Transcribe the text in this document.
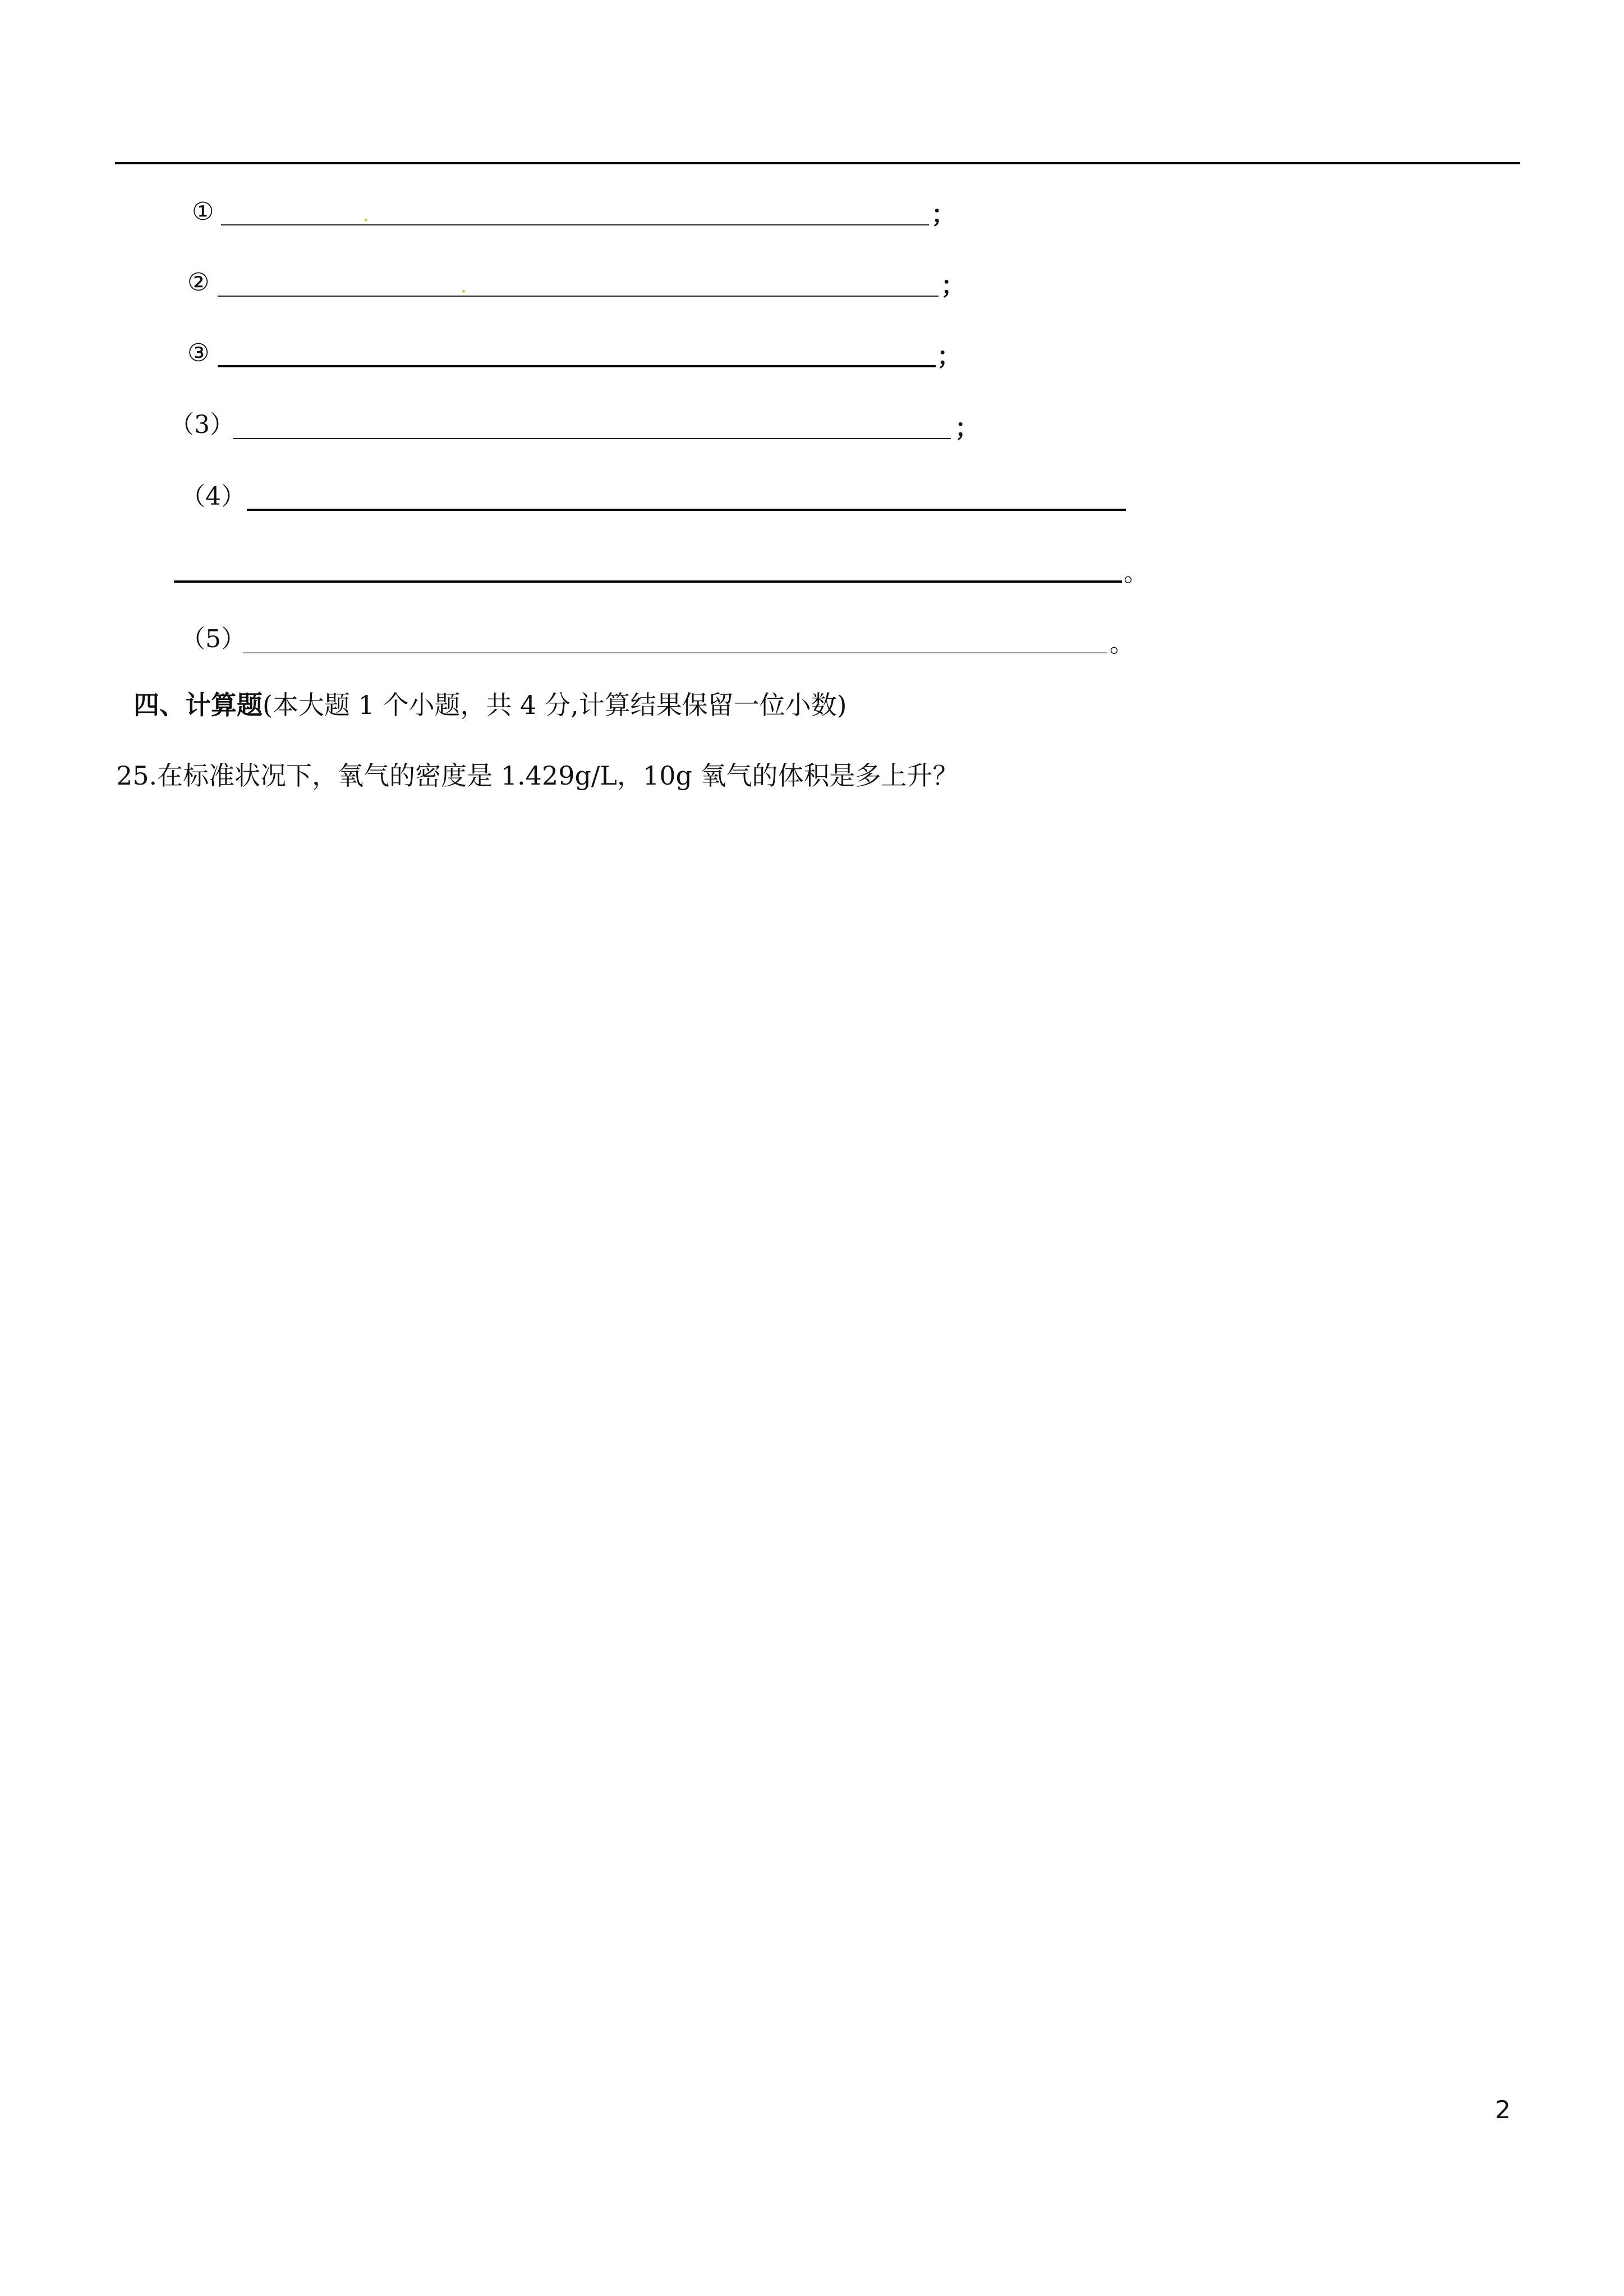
①	；
②	；
③	；
（3）	；
（4）
。
（5）	。
四、计算题(本大题 1 个小题，共 4 分,计算结果保留一位小数)
25.在标准状况下，氧气的密度是 1.429g/L，10g 氧气的体积是多上升？
2
